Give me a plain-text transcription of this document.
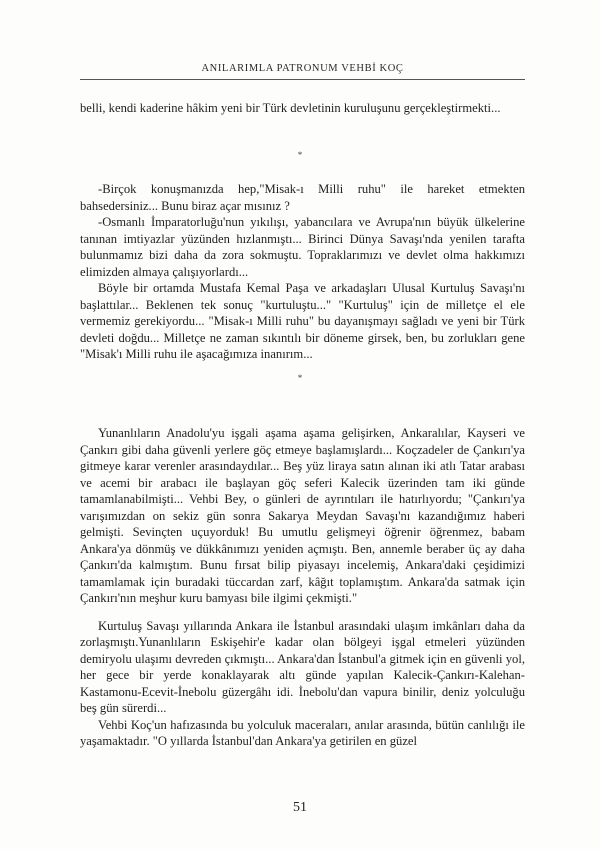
ANILARIMLA PATRONUM VEHBİ KOÇ

belli, kendi kaderine hâkim yeni bir Türk devletinin kuruluşunu gerçekleştirmekti...

*

-Birçok konuşmanızda hep,"Misak-ı Milli ruhu" ile hareket etmekten bahsedersiniz... Bunu biraz açar mısınız ?

-Osmanlı İmparatorluğu'nun yıkılışı, yabancılara ve Avrupa'nın büyük ülkelerine tanınan imtiyazlar yüzünden hızlanmıştı... Birinci Dünya Savaşı'nda yenilen tarafta bulunmamız bizi daha da zora sokmuştu. Topraklarımızı ve devlet olma hakkımızı elimizden almaya çalışıyorlardı...

Böyle bir ortamda Mustafa Kemal Paşa ve arkadaşları Ulusal Kurtuluş Savaşı'nı başlattılar... Beklenen tek sonuç "kurtuluştu..." "Kurtuluş" için de milletçe el ele vermemiz gerekiyordu... "Misak-ı Milli ruhu" bu dayanışmayı sağladı ve yeni bir Türk devleti doğdu... Milletçe ne zaman sıkıntılı bir döneme girsek, ben, bu zorlukları gene "Misak'ı Milli ruhu ile aşacağımıza inanırım...

*

Yunanlıların Anadolu'yu işgali aşama aşama gelişirken, Ankaralılar, Kayseri ve Çankırı gibi daha güvenli yerlere göç etmeye başlamışlardı... Koçzadeler de Çankırı'ya gitmeye karar verenler arasındaydılar... Beş yüz liraya satın alınan iki atlı Tatar arabası ve acemi bir arabacı ile başlayan göç seferi Kalecik üzerinden tam iki günde tamamlanabilmişti... Vehbi Bey, o günleri de ayrıntıları ile hatırlıyordu; "Çankırı'ya varışımızdan on sekiz gün sonra Sakarya Meydan Savaşı'nı kazandığımız haberi gelmişti. Sevinçten uçuyorduk! Bu umutlu gelişmeyi öğrenir öğrenmez, babam Ankara'ya dönmüş ve dükkânımızı yeniden açmıştı. Ben, annemle beraber üç ay daha Çankırı'da kalmıştım. Bunu fırsat bilip piyasayı incelemiş, Ankara'daki çeşidimizi tamamlamak için buradaki tüccardan zarf, kâğıt toplamıştım. Ankara'da satmak için Çankırı'nın meşhur kuru bamyası bile ilgimi çekmişti."

Kurtuluş Savaşı yıllarında Ankara ile İstanbul arasındaki ulaşım imkânları daha da zorlaşmıştı.Yunanlıların Eskişehir'e kadar olan bölgeyi işgal etmeleri yüzünden demiryolu ulaşımı devreden çıkmıştı... Ankara'dan İstanbul'a gitmek için en güvenli yol, her gece bir yerde konaklayarak altı günde yapılan Kalecik-Çankırı-Kalehan-Kastamonu-Ecevit-İnebolu güzergâhı idi. İnebolu'dan vapura binilir, deniz yolculuğu beş gün sürerdi...

Vehbi Koç'un hafızasında bu yolculuk maceraları, anılar arasında, bütün canlılığı ile yaşamaktadır. "O yıllarda İstanbul'dan Ankara'ya getirilen en güzel

51
